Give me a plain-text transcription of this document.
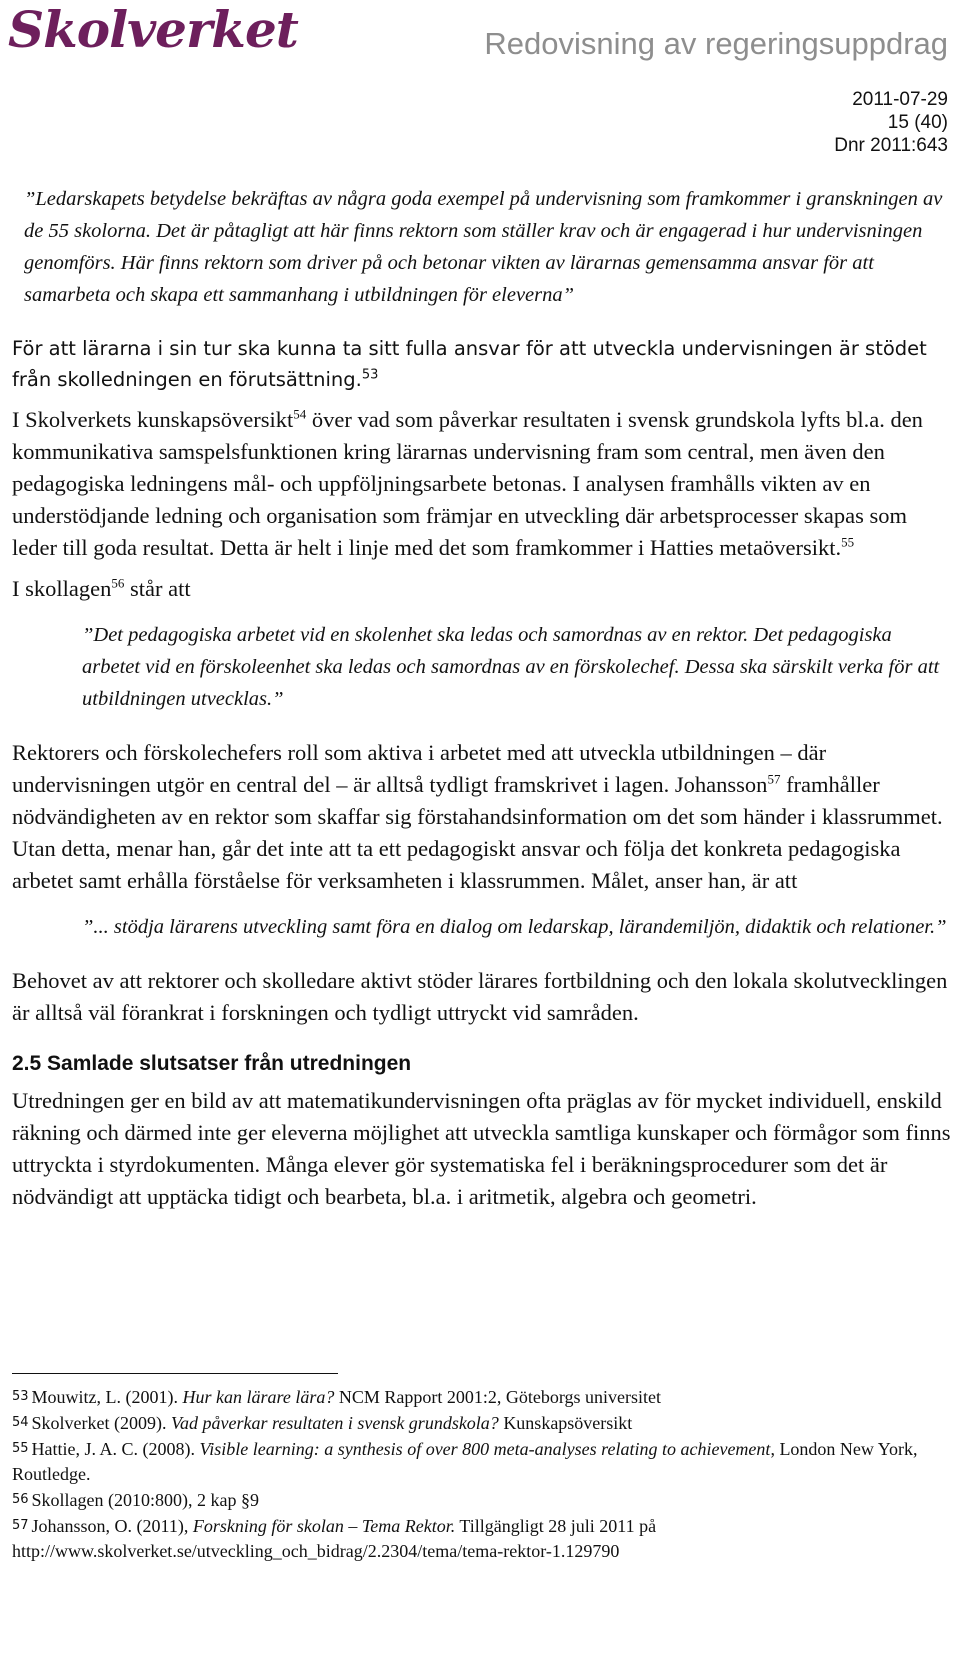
Skolverket	Redovisning av regeringsuppdrag
2011-07-29
15 (40)
Dnr 2011:643

”Ledarskapets betydelse bekräftas av några goda exempel på undervisning som framkommer i granskningen av de 55 skolorna. Det är påtagligt att här finns rektorn som ställer krav och är engagerad i hur undervisningen genomförs. Här finns rektorn som driver på och betonar vikten av lärarnas gemensamma ansvar för att samarbeta och skapa ett sammanhang i utbildningen för eleverna”

För att lärarna i sin tur ska kunna ta sitt fulla ansvar för att utveckla undervisningen är stödet från skolledningen en förutsättning.$^{53}$

I Skolverkets kunskapsöversikt$^{54}$ över vad som påverkar resultaten i svensk grundskola lyfts bl.a. den kommunikativa samspelsfunktionen kring lärarnas undervisning fram som central, men även den pedagogiska ledningens mål- och uppföljningsarbete betonas. I analysen framhålls vikten av en understödjande ledning och organisation som främjar en utveckling där arbetsprocesser skapas som leder till goda resultat. Detta är helt i linje med det som framkommer i Hatties metaöversikt.$^{55}$

I skollagen$^{56}$ står att

”Det pedagogiska arbetet vid en skolenhet ska ledas och samordnas av en rektor. Det pedagogiska arbetet vid en förskoleenhet ska ledas och samordnas av en förskolechef. Dessa ska särskilt verka för att utbildningen utvecklas.”

Rektorers och förskolechefers roll som aktiva i arbetet med att utveckla utbildningen – där undervisningen utgör en central del – är alltså tydligt framskrivet i lagen. Johansson$^{57}$ framhåller nödvändigheten av en rektor som skaffar sig förstahandsinformation om det som händer i klassrummet. Utan detta, menar han, går det inte att ta ett pedagogiskt ansvar och följa det konkreta pedagogiska arbetet samt erhålla förståelse för verksamheten i klassrummen. Målet, anser han, är att

”... stödja lärarens utveckling samt föra en dialog om ledarskap, lärandemiljön, didaktik och relationer.”

Behovet av att rektorer och skolledare aktivt stöder lärares fortbildning och den lokala skolutvecklingen är alltså väl förankrat i forskningen och tydligt uttryckt vid samråden.

2.5 Samlade slutsatser från utredningen

Utredningen ger en bild av att matematikundervisningen ofta präglas av för mycket individuell, enskild räkning och därmed inte ger eleverna möjlighet att utveckla samtliga kunskaper och förmågor som finns uttryckta i styrdokumenten. Många elever gör systematiska fel i beräkningsprocedurer som det är nödvändigt att upptäcka tidigt och bearbeta, bl.a. i aritmetik, algebra och geometri.

53 Mouwitz, L. (2001). Hur kan lärare lära? NCM Rapport 2001:2, Göteborgs universitet

54 Skolverket (2009). Vad påverkar resultaten i svensk grundskola? Kunskapsöversikt

55 Hattie, J. A. C. (2008). Visible learning: a synthesis of over 800 meta-analyses relating to achievement, London New York, Routledge.

56 Skollagen (2010:800), 2 kap §9

57 Johansson, O. (2011), Forskning för skolan – Tema Rektor. Tillgängligt 28 juli 2011 på http://www.skolverket.se/utveckling_och_bidrag/2.2304/tema/tema-rektor-1.129790
